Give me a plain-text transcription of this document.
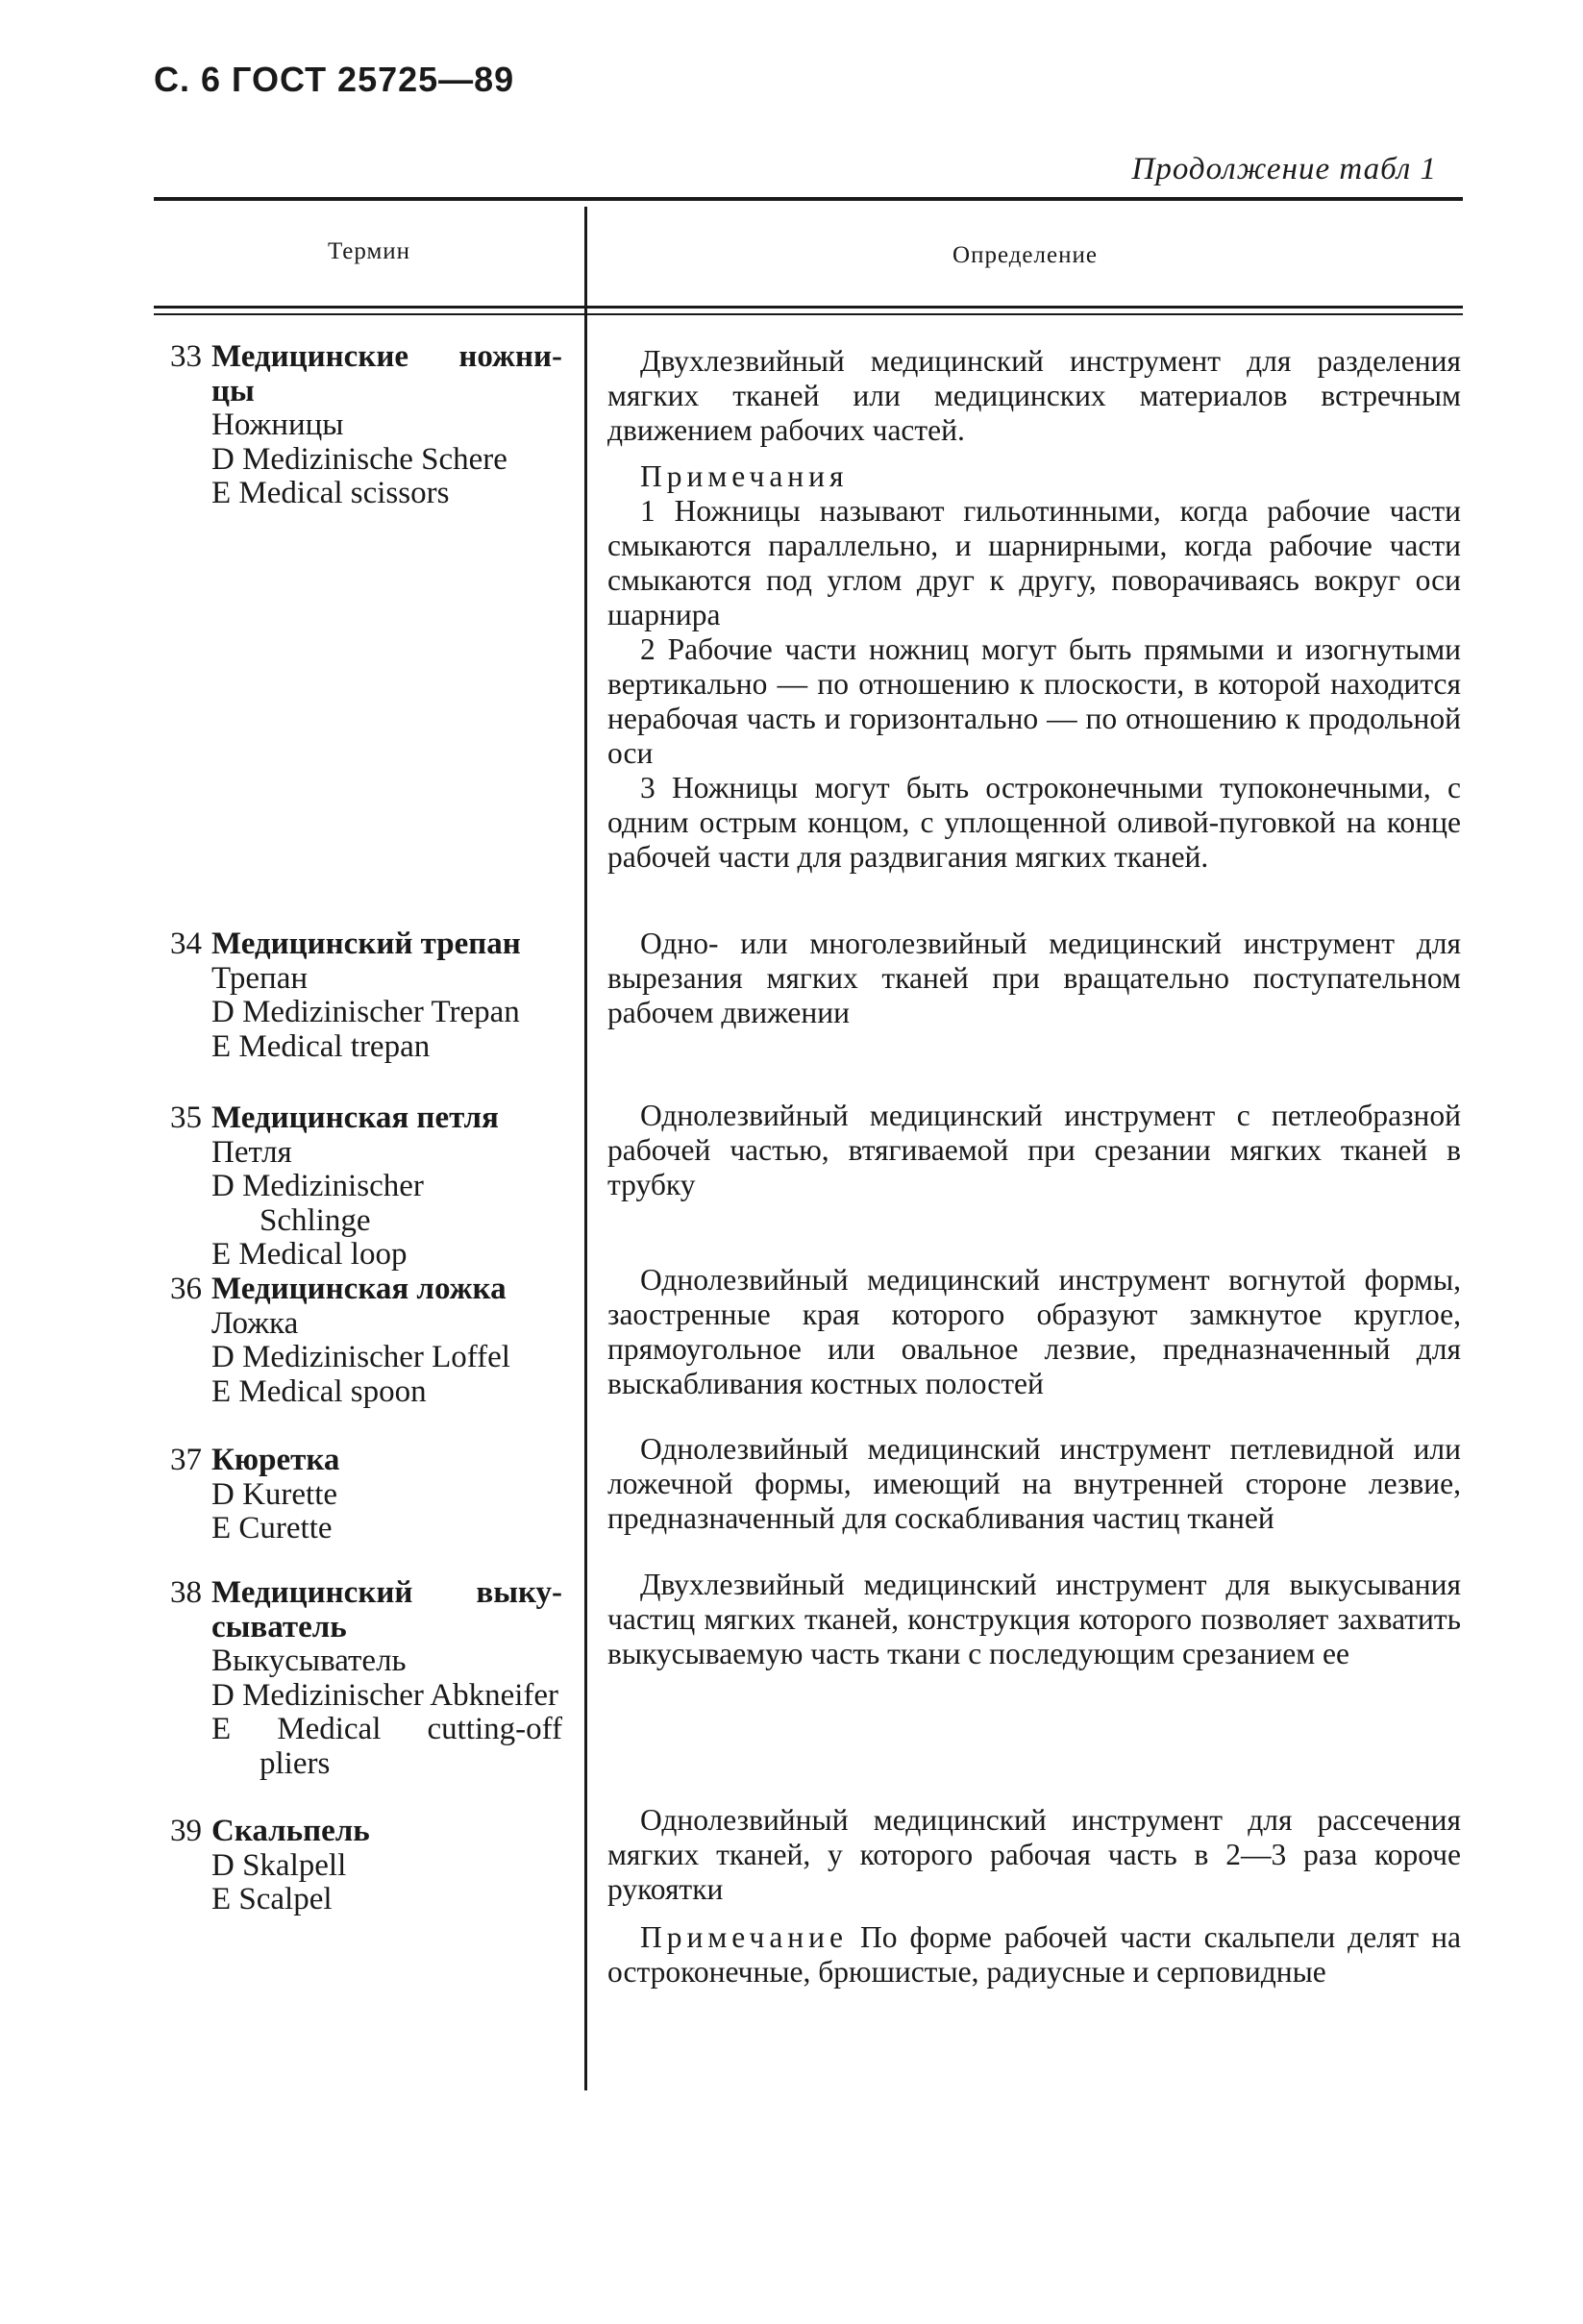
С. 6 ГОСТ 25725—89
Продолжение табл 1
Термин	Определение
33 Медицинские ножни-
цы
Ножницы
D Medizinische Schere
E Medical scissors
34 Медицинский трепан
Трепан
D Medizinischer Trepan
E Medical trepan
35 Медицинская петля
Петля
D Medizinischer Schlinge
E Medical loop
36 Медицинская ложка
Ложка
D Medizinischer Loffel
E Medical spoon
37 Кюретка
D Kurette
E Curette
38 Медицинский выку-
сыватель
Выкусыватель
D Medizinischer Abkneifer
E Medical cutting-off pliers
39 Скальпель
D Skalpell
E Scalpel

Двухлезвийный медицинский инструмент для разделения мягких тканей или медицинских материалов встречным движением рабочих частей.

Примечания

1 Ножницы называют гильотинными, когда рабочие части смыкаются параллельно, и шарнирными, когда рабочие части смыкаются под углом друг к другу, поворачиваясь вокруг оси шарнира

2 Рабочие части ножниц могут быть прямыми и изогнутыми вертикально — по отношению к плоскости, в которой находится нерабочая часть и горизонтально — по отношению к продольной оси

3 Ножницы могут быть остроконечными тупоконечными, с одним острым концом, с уплощенной оливой-пуговкой на конце рабочей части для раздвигания мягких тканей.

Одно- или многолезвийный медицинский инструмент для вырезания мягких тканей при вращательно поступательном рабочем движении

Однолезвийный медицинский инструмент с петлеобразной рабочей частью, втягиваемой при срезании мягких тканей в трубку

Однолезвийный медицинский инструмент вогнутой формы, заостренные края которого образуют замкнутое круглое, прямоугольное или овальное лезвие, предназначенный для выскабливания костных полостей

Однолезвийный медицинский инструмент петлевидной или ложечной формы, имеющий на внутренней стороне лезвие, предназначенный для соскабливания частиц тканей

Двухлезвийный медицинский инструмент для выкусывания частиц мягких тканей, конструкция которого позволяет захватить выкусываемую часть ткани с последующим срезанием ее

Однолезвийный медицинский инструмент для рассечения мягких тканей, у которого рабочая часть в 2—3 раза короче рукоятки

Примечание По форме рабочей части скальпели делят на остроконечные, брюшистые, радиусные и серповидные
